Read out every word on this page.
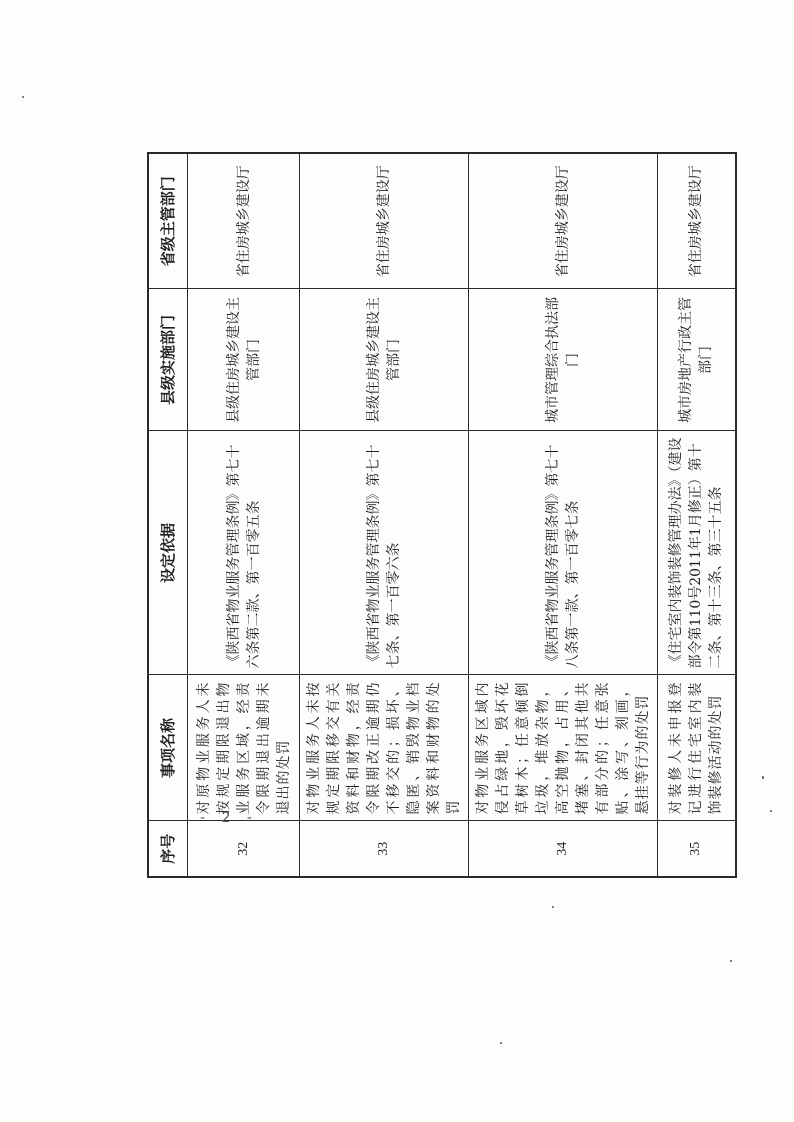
序号	事项名称	设定依据	县级实施部门	省级主管部门
32	对原物业服务人未按规定期限退出物业服务区域，经责令限期退出逾期未退出的处罚	《陕西省物业服务管理条例》第七十六条第二款、第一百零五条	县级住房城乡建设主管部门	省住房城乡建设厅
33	对物业服务人未按规定期限移交有关资料和财物，经责令限期改正逾期仍不移交的；损坏、隐匿、销毁物业档案资料和财物的处罚	《陕西省物业服务管理条例》第七十七条、第一百零六条	县级住房城乡建设主管部门	省住房城乡建设厅
34	对物业服务区域内侵占绿地，毁坏花草树木；任意倾倒垃圾，堆放杂物，高空抛物，占用、堵塞、封闭其他共有部分的；任意张贴、涂写、刻画，悬挂等行为的处罚	《陕西省物业服务管理条例》第七十八条第一款、第一百零七条	城市管理综合执法部门	省住房城乡建设厅
35	对装修人未申报登记进行住宅室内装饰装修活动的处罚	《住宅室内装饰装修管理办法》（建设部令第110号2011年1月修正）第十二条、第十三条、第三十五条	城市房地产行政主管部门	省住房城乡建设厅
- 2 -
